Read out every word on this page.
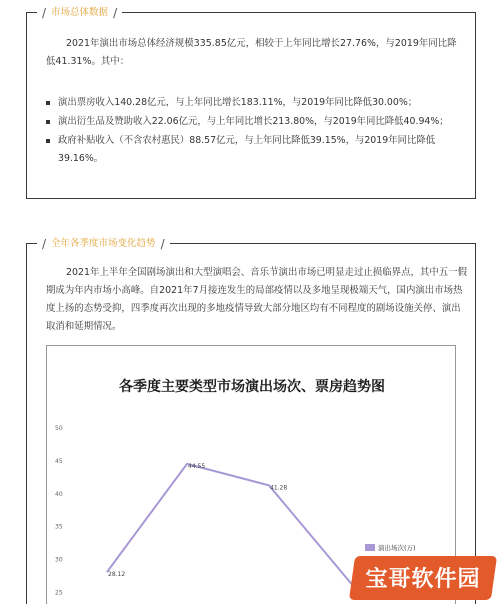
/ 市场总体数据 /

2021年演出市场总体经济规模335.85亿元，相较于上年同比增长27.76%，与2019年同比降低41.31%。其中：

演出票房收入140.28亿元，与上年同比增长183.11%，与2019年同比降低30.00%；
演出衍生品及赞助收入22.06亿元，与上年同比增长213.80%，与2019年同比降低40.94%；
政府补贴收入（不含农村惠民）88.57亿元，与上年同比降低39.15%，与2019年同比降低39.16%。
/ 全年各季度市场变化趋势 /

2021年上半年全国剧场演出和大型演唱会、音乐节演出市场已明显走过止损临界点，其中五一假期成为年内市场小高峰。自2021年7月接连发生的局部疫情以及多地呈现极端天气，国内演出市场热度上扬的态势受抑，四季度再次出现的多地疫情导致大部分地区均有不同程度的剧场设施关停、演出取消和延期情况。

各季度主要类型市场演出场次、票房趋势图
50
45
40
35
30
25
28.12
44.55
41.28
演出场次(万)
宝哥软件园
